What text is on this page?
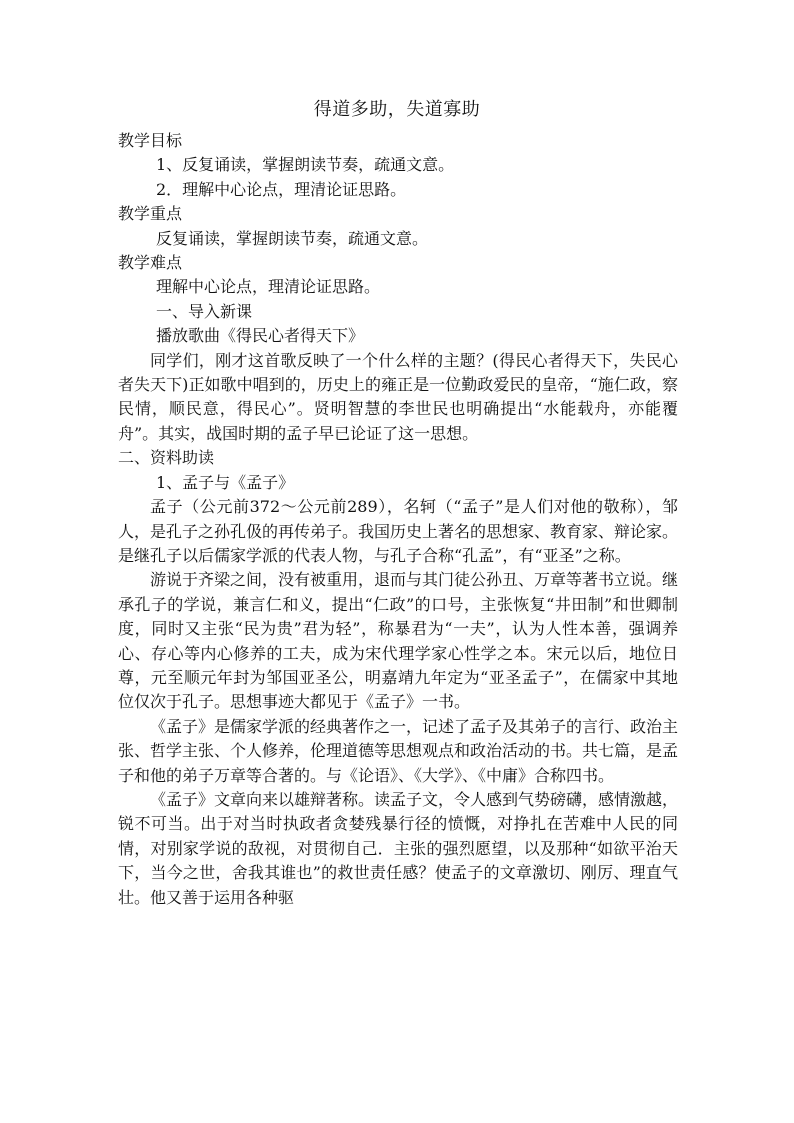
得道多助，失道寡助

教学目标

1、反复诵读，掌握朗读节奏，疏通文意。

2．理解中心论点，理清论证思路。

教学重点

反复诵读，掌握朗读节奏，疏通文意。

教学难点

理解中心论点，理清论证思路。

一、导入新课

播放歌曲《得民心者得天下》

同学们，刚才这首歌反映了一个什么样的主题？(得民心者得天下，失民心者失天下)正如歌中唱到的，历史上的雍正是一位勤政爱民的皇帝，“施仁政，察民情，顺民意，得民心”。贤明智慧的李世民也明确提出“水能载舟，亦能覆舟”。其实，战国时期的孟子早已论证了这一思想。

二、资料助读

1、孟子与《孟子》

孟子（公元前372～公元前289），名轲（“孟子”是人们对他的敬称），邹人，是孔子之孙孔伋的再传弟子。我国历史上著名的思想家、教育家、辩论家。是继孔子以后儒家学派的代表人物，与孔子合称“孔孟”，有“亚圣”之称。

游说于齐梁之间，没有被重用，退而与其门徒公孙丑、万章等著书立说。继承孔子的学说，兼言仁和义，提出“仁政”的口号，主张恢复“井田制”和世卿制度，同时又主张“民为贵”君为轻”，称暴君为“一夫”，认为人性本善，强调养心、存心等内心修养的工夫，成为宋代理学家心性学之本。宋元以后，地位日尊，元至顺元年封为邹国亚圣公，明嘉靖九年定为“亚圣孟子”，在儒家中其地位仅次于孔子。思想事迹大都见于《孟子》一书。

《孟子》是儒家学派的经典著作之一，记述了孟子及其弟子的言行、政治主张、哲学主张、个人修养，伦理道德等思想观点和政治活动的书。共七篇，是孟子和他的弟子万章等合著的。与《论语》、《大学》、《中庸》合称四书。

《孟子》文章向来以雄辩著称。读孟子文，令人感到气势磅礴，感情激越，锐不可当。出于对当时执政者贪婪残暴行径的愤慨，对挣扎在苦难中人民的同情，对别家学说的敌视，对贯彻自己．主张的强烈愿望，以及那种“如欲平治天下，当今之世，舍我其谁也”的救世责任感？使孟子的文章激切、刚厉、理直气壮。他又善于运用各种驱
